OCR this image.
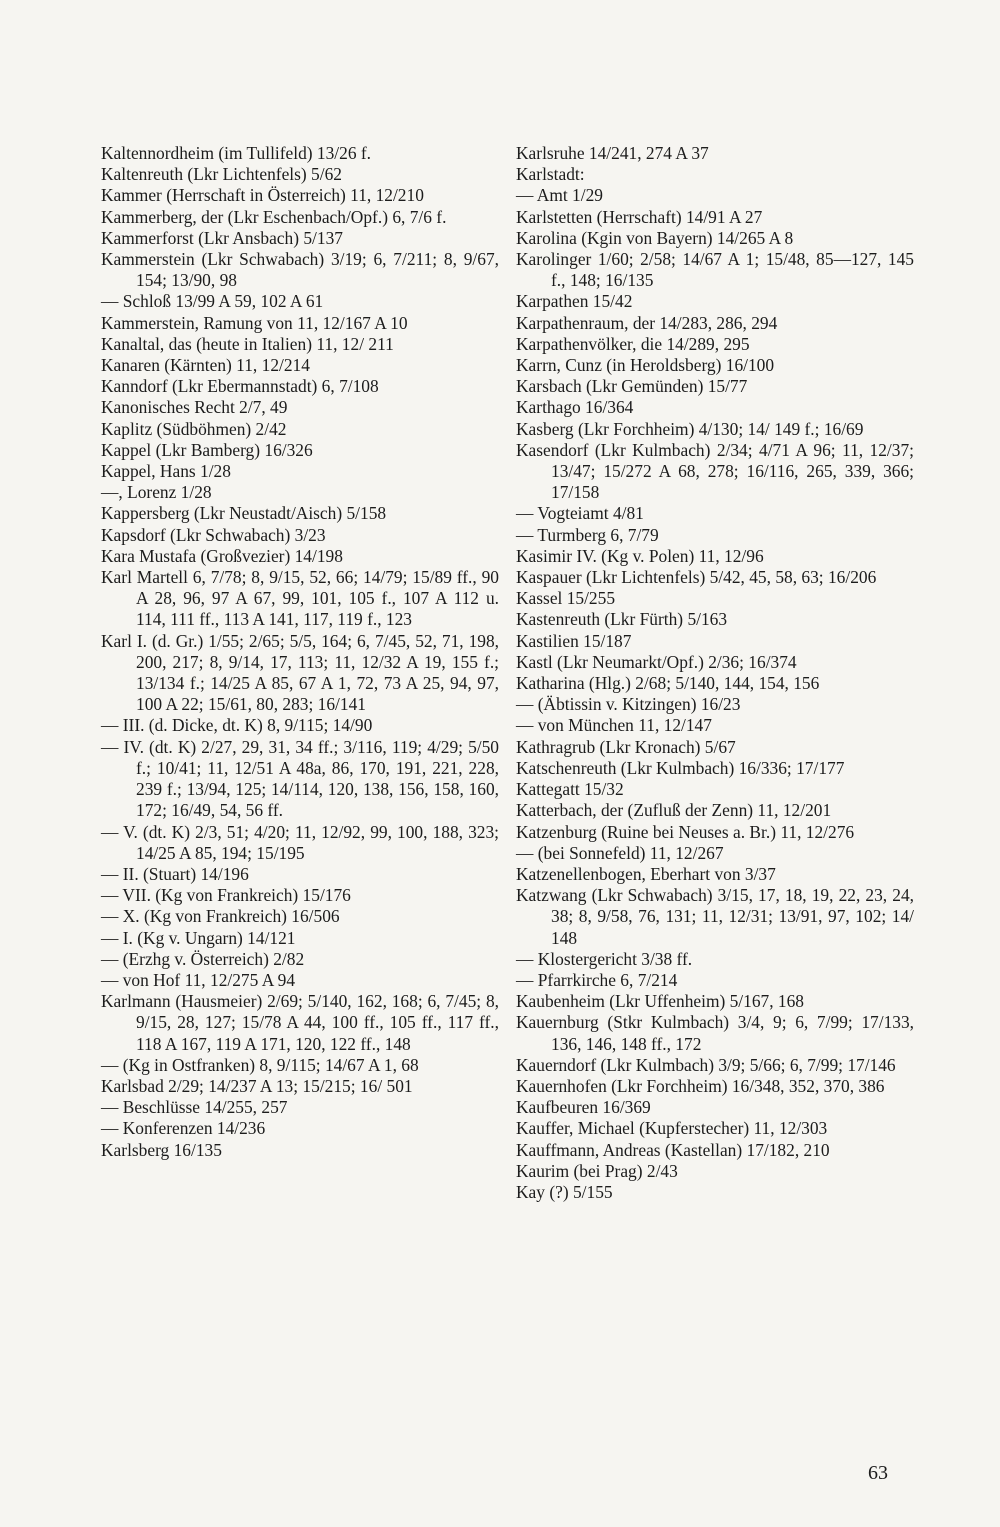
Kaltennordheim (im Tullifeld) 13/26 f.
Kaltenreuth (Lkr Lichtenfels) 5/62
Kammer (Herrschaft in Österreich) 11, 12/210
Kammerberg, der (Lkr Eschenbach/Opf.) 6, 7/6 f.
Kammerforst (Lkr Ansbach) 5/137
Kammerstein (Lkr Schwabach) 3/19; 6, 7/211; 8, 9/67, 154; 13/90, 98
— Schloß 13/99 A 59, 102 A 61
Kammerstein, Ramung von 11, 12/167 A 10
Kanaltal, das (heute in Italien) 11, 12/ 211
Kanaren (Kärnten) 11, 12/214
Kanndorf (Lkr Ebermannstadt) 6, 7/108
Kanonisches Recht 2/7, 49
Kaplitz (Südböhmen) 2/42
Kappel (Lkr Bamberg) 16/326
Kappel, Hans 1/28
—, Lorenz 1/28
Kappersberg (Lkr Neustadt/Aisch) 5/158
Kapsdorf (Lkr Schwabach) 3/23
Kara Mustafa (Großvezier) 14/198
Karl Martell 6, 7/78; 8, 9/15, 52, 66; 14/79; 15/89 ff., 90 A 28, 96, 97 A 67, 99, 101, 105 f., 107 A 112 u. 114, 111 ff., 113 A 141, 117, 119 f., 123
Karl I. (d. Gr.) 1/55; 2/65; 5/5, 164; 6, 7/45, 52, 71, 198, 200, 217; 8, 9/14, 17, 113; 11, 12/32 A 19, 155 f.; 13/134 f.; 14/25 A 85, 67 A 1, 72, 73 A 25, 94, 97, 100 A 22; 15/61, 80, 283; 16/141
— III. (d. Dicke, dt. K) 8, 9/115; 14/90
— IV. (dt. K) 2/27, 29, 31, 34 ff.; 3/116, 119; 4/29; 5/50 f.; 10/41; 11, 12/51 A 48a, 86, 170, 191, 221, 228, 239 f.; 13/94, 125; 14/114, 120, 138, 156, 158, 160, 172; 16/49, 54, 56 ff.
— V. (dt. K) 2/3, 51; 4/20; 11, 12/92, 99, 100, 188, 323; 14/25 A 85, 194; 15/195
— II. (Stuart) 14/196
— VII. (Kg von Frankreich) 15/176
— X. (Kg von Frankreich) 16/506
— I. (Kg v. Ungarn) 14/121
— (Erzhg v. Österreich) 2/82
— von Hof 11, 12/275 A 94
Karlmann (Hausmeier) 2/69; 5/140, 162, 168; 6, 7/45; 8, 9/15, 28, 127; 15/78 A 44, 100 ff., 105 ff., 117 ff., 118 A 167, 119 A 171, 120, 122 ff., 148
— (Kg in Ostfranken) 8, 9/115; 14/67 A 1, 68
Karlsbad 2/29; 14/237 A 13; 15/215; 16/ 501
— Beschlüsse 14/255, 257
— Konferenzen 14/236
Karlsberg 16/135
Karlsruhe 14/241, 274 A 37
Karlstadt:
— Amt 1/29
Karlstetten (Herrschaft) 14/91 A 27
Karolina (Kgin von Bayern) 14/265 A 8
Karolinger 1/60; 2/58; 14/67 A 1; 15/48, 85—127, 145 f., 148; 16/135
Karpathen 15/42
Karpathenraum, der 14/283, 286, 294
Karpathenvölker, die 14/289, 295
Karrn, Cunz (in Heroldsberg) 16/100
Karsbach (Lkr Gemünden) 15/77
Karthago 16/364
Kasberg (Lkr Forchheim) 4/130; 14/ 149 f.; 16/69
Kasendorf (Lkr Kulmbach) 2/34; 4/71 A 96; 11, 12/37; 13/47; 15/272 A 68, 278; 16/116, 265, 339, 366; 17/158
— Vogteiamt 4/81
— Turmberg 6, 7/79
Kasimir IV. (Kg v. Polen) 11, 12/96
Kaspauer (Lkr Lichtenfels) 5/42, 45, 58, 63; 16/206
Kassel 15/255
Kastenreuth (Lkr Fürth) 5/163
Kastilien 15/187
Kastl (Lkr Neumarkt/Opf.) 2/36; 16/374
Katharina (Hlg.) 2/68; 5/140, 144, 154, 156
— (Äbtissin v. Kitzingen) 16/23
— von München 11, 12/147
Kathragrub (Lkr Kronach) 5/67
Katschenreuth (Lkr Kulmbach) 16/336; 17/177
Kattegatt 15/32
Katterbach, der (Zufluß der Zenn) 11, 12/201
Katzenburg (Ruine bei Neuses a. Br.) 11, 12/276
— (bei Sonnefeld) 11, 12/267
Katzenellenbogen, Eberhart von 3/37
Katzwang (Lkr Schwabach) 3/15, 17, 18, 19, 22, 23, 24, 38; 8, 9/58, 76, 131; 11, 12/31; 13/91, 97, 102; 14/ 148
— Klostergericht 3/38 ff.
— Pfarrkirche 6, 7/214
Kaubenheim (Lkr Uffenheim) 5/167, 168
Kauernburg (Stkr Kulmbach) 3/4, 9; 6, 7/99; 17/133, 136, 146, 148 ff., 172
Kauerndorf (Lkr Kulmbach) 3/9; 5/66; 6, 7/99; 17/146
Kauernhofen (Lkr Forchheim) 16/348, 352, 370, 386
Kaufbeuren 16/369
Kauffer, Michael (Kupferstecher) 11, 12/303
Kauffmann, Andreas (Kastellan) 17/182, 210
Kaurim (bei Prag) 2/43
Kay (?) 5/155
63
